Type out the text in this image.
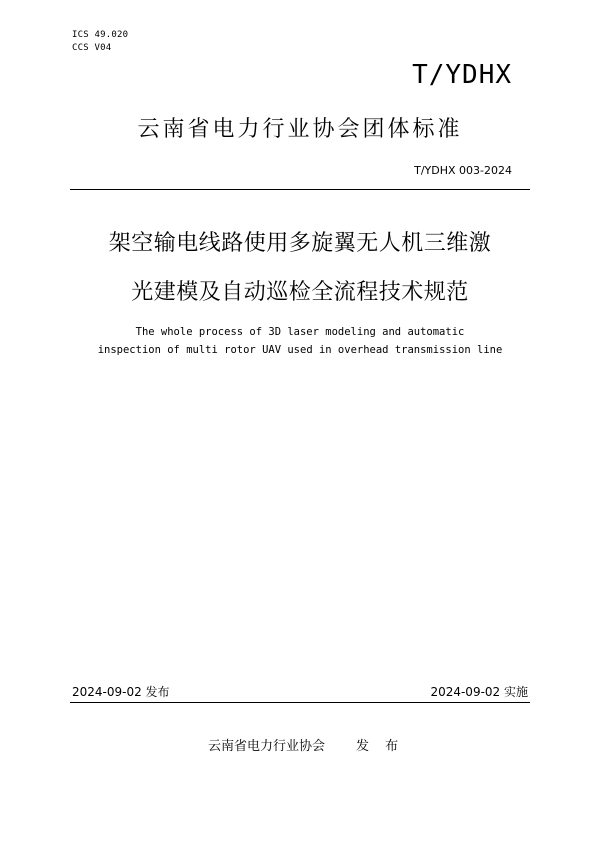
ICS 49.020
CCS V04
T/YDHX
云南省电力行业协会团体标准
T/YDHX 003-2024
架空输电线路使用多旋翼无人机三维激
光建模及自动巡检全流程技术规范
The whole process of 3D laser modeling and automatic
inspection of multi rotor UAV used in overhead transmission line
2024-09-02 发布	2024-09-02 实施
云南省电力行业协会 发 布
